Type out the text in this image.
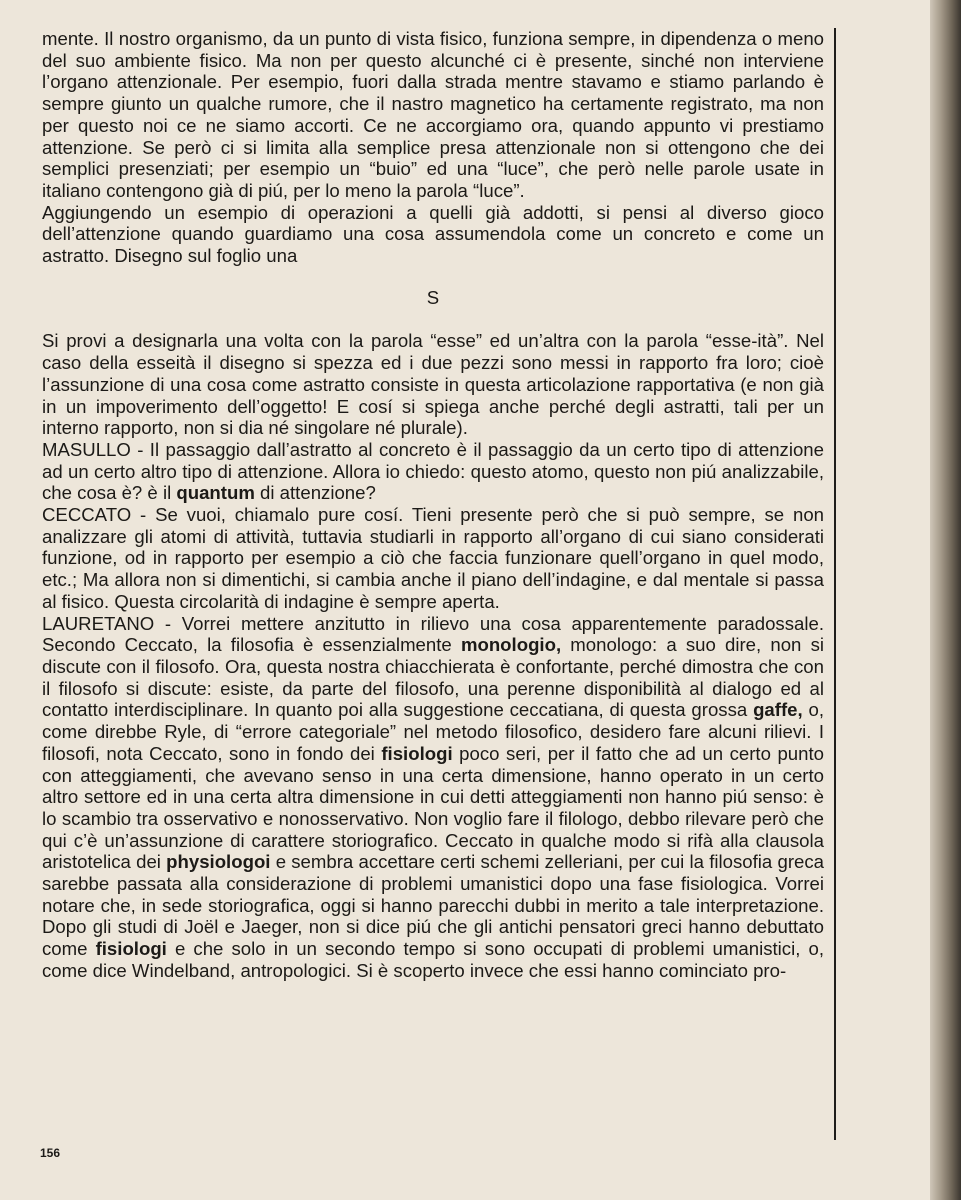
mente. Il nostro organismo, da un punto di vista fisico, funziona sempre, in dipendenza o meno del suo ambiente fisico. Ma non per questo alcunché ci è presente, sinché non interviene l’organo attenzionale. Per esempio, fuori dalla strada mentre stavamo e stiamo parlando è sempre giunto un qualche rumore, che il nastro magnetico ha certamente registrato, ma non per questo noi ce ne siamo accorti. Ce ne accorgiamo ora, quando appunto vi prestiamo attenzione. Se però ci si limita alla semplice presa attenzionale non si ottengono che dei semplici presenziati; per esempio un “buio” ed una “luce”, che però nelle parole usate in italiano contengono già di piú, per lo meno la parola “luce”.

Aggiungendo un esempio di operazioni a quelli già addotti, si pensi al diverso gioco dell’attenzione quando guardiamo una cosa assumendola come un concreto e come un astratto. Disegno sul foglio una

S

Si provi a designarla una volta con la parola “esse” ed un’altra con la parola “esse-ità”. Nel caso della esseità il disegno si spezza ed i due pezzi sono messi in rapporto fra loro; cioè l’assunzione di una cosa come astratto consiste in questa articolazione rapportativa (e non già in un impoverimento dell’oggetto! E cosí si spiega anche perché degli astratti, tali per un interno rapporto, non si dia né singolare né plurale).

MASULLO - Il passaggio dall’astratto al concreto è il passaggio da un certo tipo di attenzione ad un certo altro tipo di attenzione. Allora io chiedo: questo atomo, questo non piú analizzabile, che cosa è? è il quantum di attenzione?

CECCATO - Se vuoi, chiamalo pure cosí. Tieni presente però che si può sempre, se non analizzare gli atomi di attività, tuttavia studiarli in rapporto all’organo di cui siano considerati funzione, od in rapporto per esempio a ciò che faccia funzionare quell’organo in quel modo, etc.; Ma allora non si dimentichi, si cambia anche il piano dell’indagine, e dal mentale si passa al fisico. Questa circolarità di indagine è sempre aperta.

LAURETANO - Vorrei mettere anzitutto in rilievo una cosa apparentemente paradossale. Secondo Ceccato, la filosofia è essenzialmente monologio, monologo: a suo dire, non si discute con il filosofo. Ora, questa nostra chiacchierata è confortante, perché dimostra che con il filosofo si discute: esiste, da parte del filosofo, una perenne disponibilità al dialogo ed al contatto interdisciplinare. In quanto poi alla suggestione ceccatiana, di questa grossa gaffe, o, come direbbe Ryle, di “errore categoriale” nel metodo filosofico, desidero fare alcuni rilievi. I filosofi, nota Ceccato, sono in fondo dei fisiologi poco seri, per il fatto che ad un certo punto con atteggiamenti, che avevano senso in una certa dimensione, hanno operato in un certo altro settore ed in una certa altra dimensione in cui detti atteggiamenti non hanno piú senso: è lo scambio tra osservativo e nonosservativo. Non voglio fare il filologo, debbo rilevare però che qui c’è un’assunzione di carattere storiografico. Ceccato in qualche modo si rifà alla clausola aristotelica dei physiologoi e sembra accettare certi schemi zelleriani, per cui la filosofia greca sarebbe passata alla considerazione di problemi umanistici dopo una fase fisiologica. Vorrei notare che, in sede storiografica, oggi si hanno parecchi dubbi in merito a tale interpretazione. Dopo gli studi di Joël e Jaeger, non si dice piú che gli antichi pensatori greci hanno debuttato come fisiologi e che solo in un secondo tempo si sono occupati di problemi umanistici, o, come dice Windelband, antropologici. Si è scoperto invece che essi hanno cominciato pro-

156
